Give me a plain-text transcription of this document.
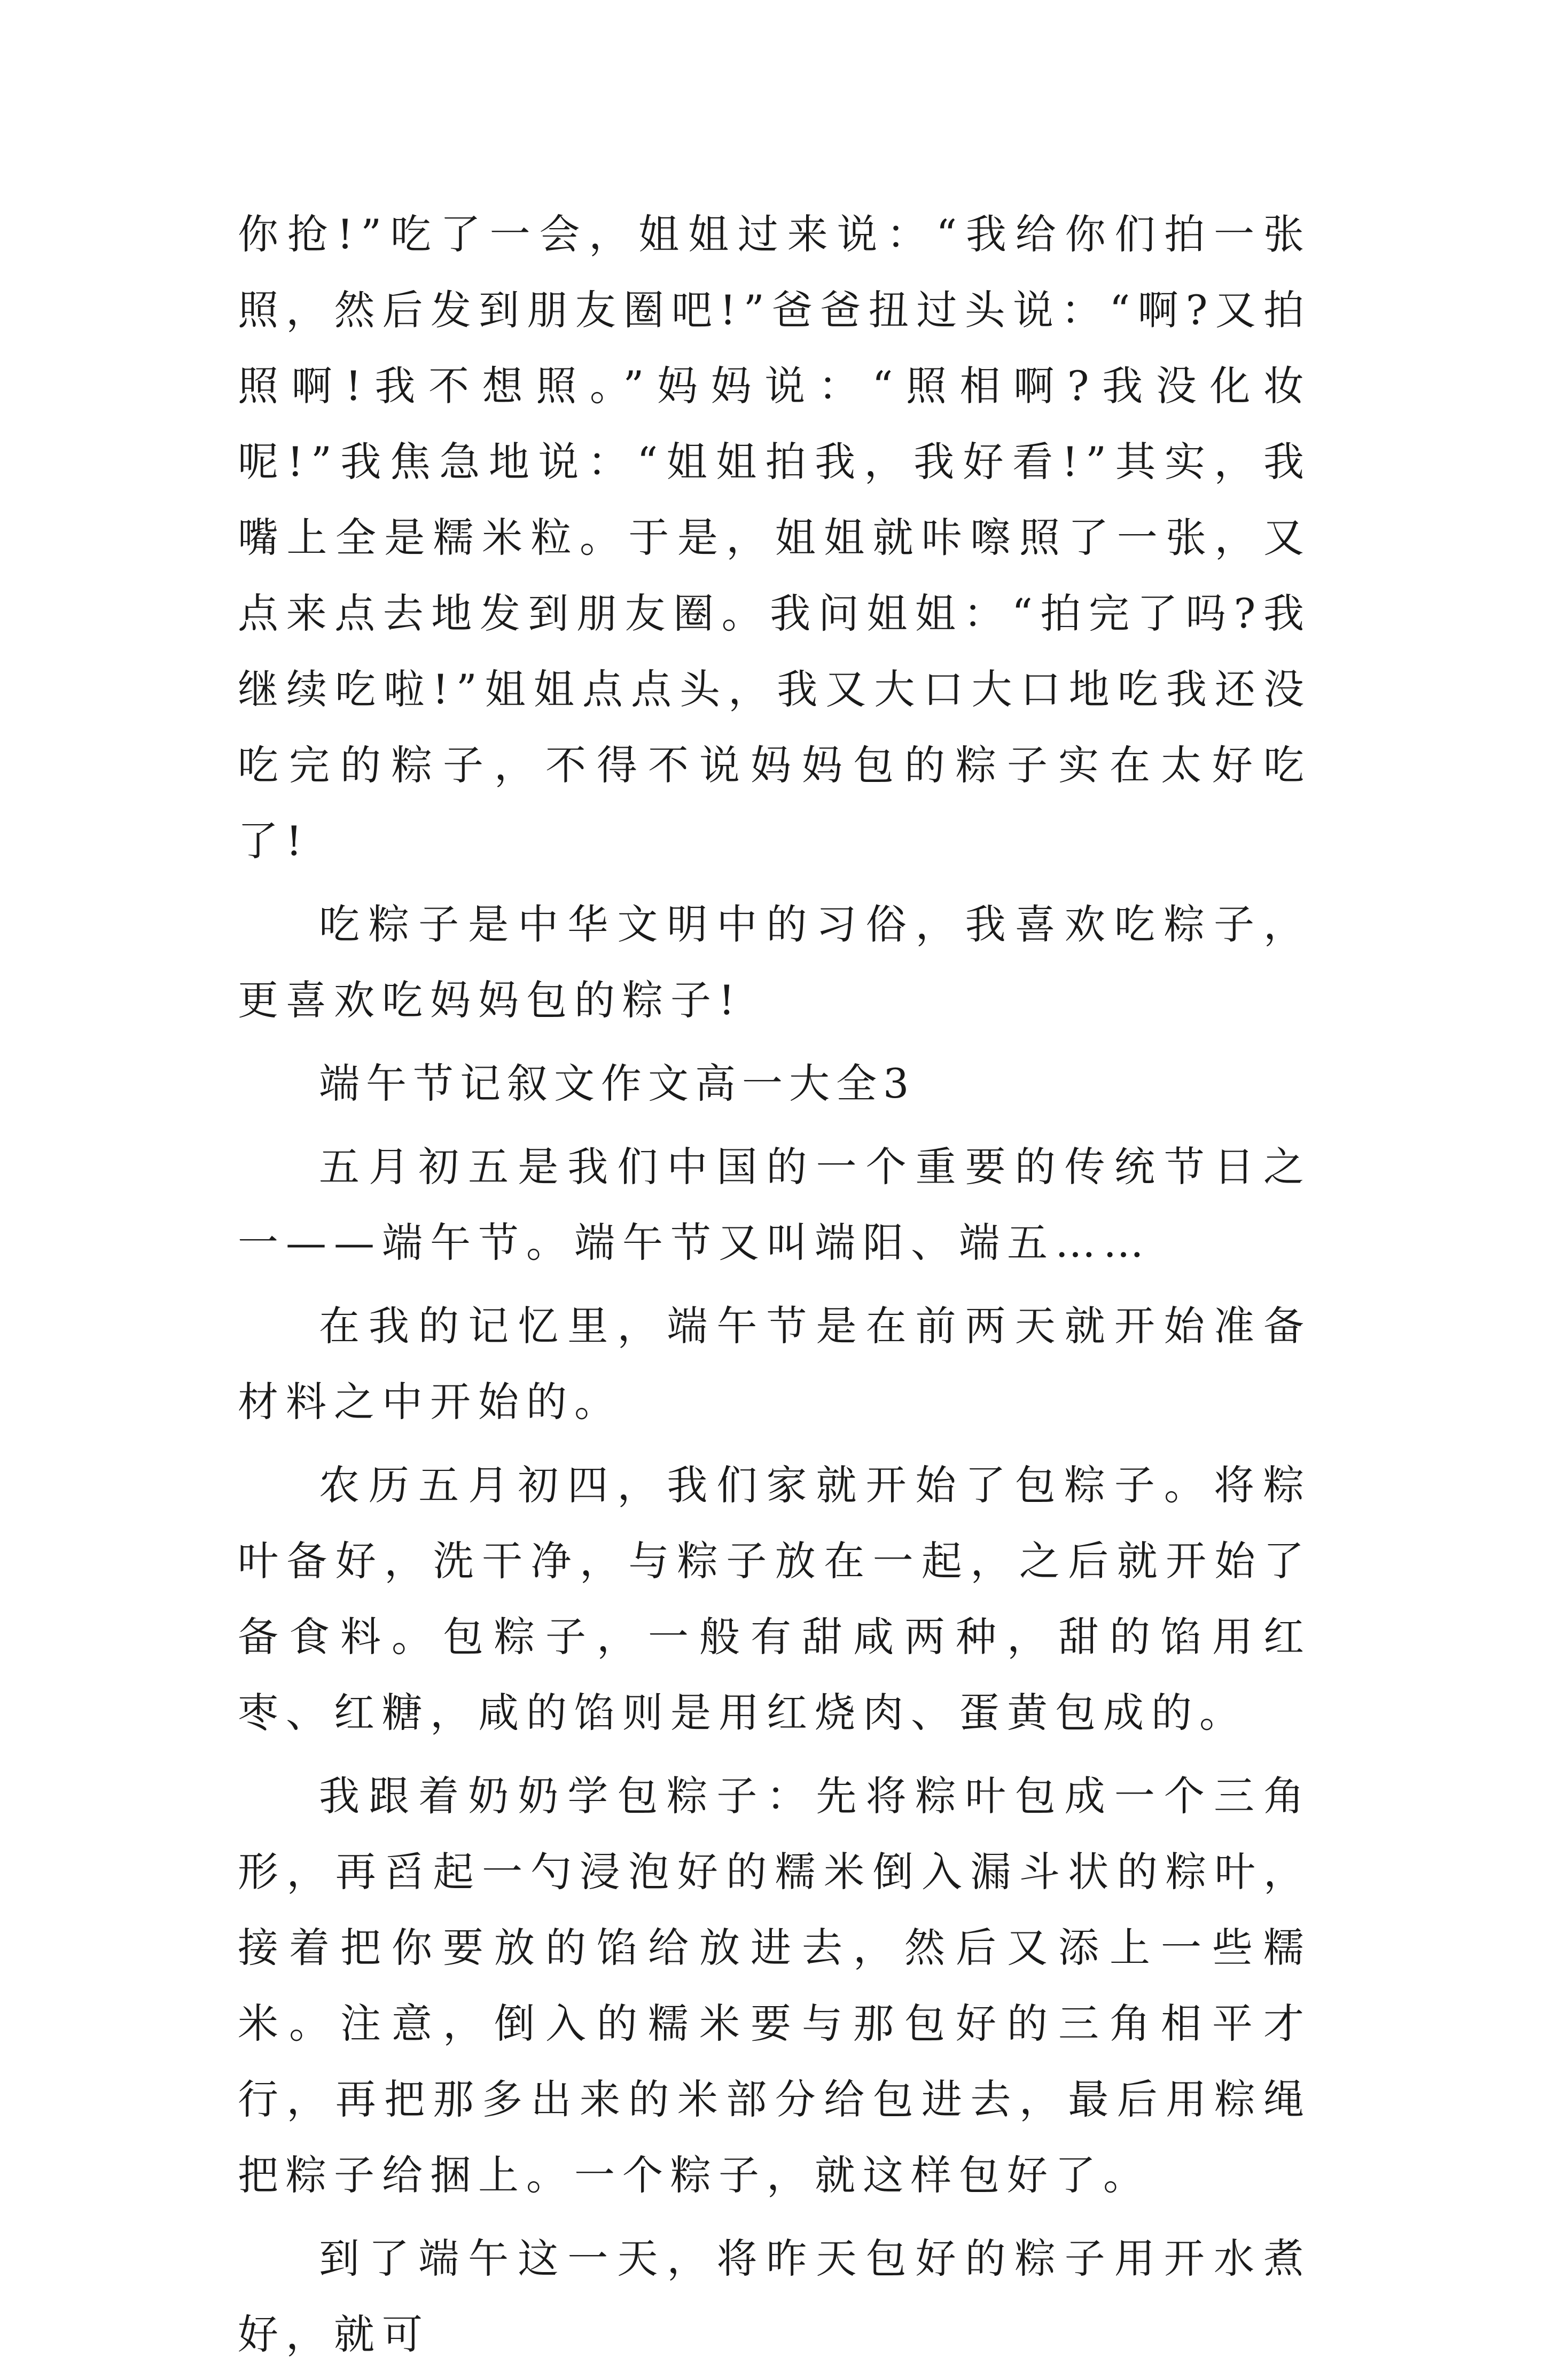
你抢!”吃了一会，姐姐过来说：“我给你们拍一张照，然后发到朋友圈吧!”爸爸扭过头说：“啊?又拍照啊!我不想照。”妈妈说：“照相啊?我没化妆呢!”我焦急地说：“姐姐拍我，我好看!”其实，我嘴上全是糯米粒。于是，姐姐就咔嚓照了一张，又点来点去地发到朋友圈。我问姐姐：“拍完了吗?我继续吃啦!”姐姐点点头，我又大口大口地吃我还没吃完的粽子，不得不说妈妈包的粽子实在太好吃了!

吃粽子是中华文明中的习俗，我喜欢吃粽子，更喜欢吃妈妈包的粽子!

端午节记叙文作文高一大全3

五月初五是我们中国的一个重要的传统节日之一——端午节。端午节又叫端阳、端五……

在我的记忆里，端午节是在前两天就开始准备材料之中开始的。

农历五月初四，我们家就开始了包粽子。将粽叶备好，洗干净，与粽子放在一起，之后就开始了备食料。包粽子，一般有甜咸两种，甜的馅用红枣、红糖，咸的馅则是用红烧肉、蛋黄包成的。

我跟着奶奶学包粽子：先将粽叶包成一个三角形，再舀起一勺浸泡好的糯米倒入漏斗状的粽叶，接着把你要放的馅给放进去，然后又添上一些糯米。注意，倒入的糯米要与那包好的三角相平才行，再把那多出来的米部分给包进去，最后用粽绳把粽子给捆上。一个粽子，就这样包好了。

到了端午这一天，将昨天包好的粽子用开水煮好，就可
